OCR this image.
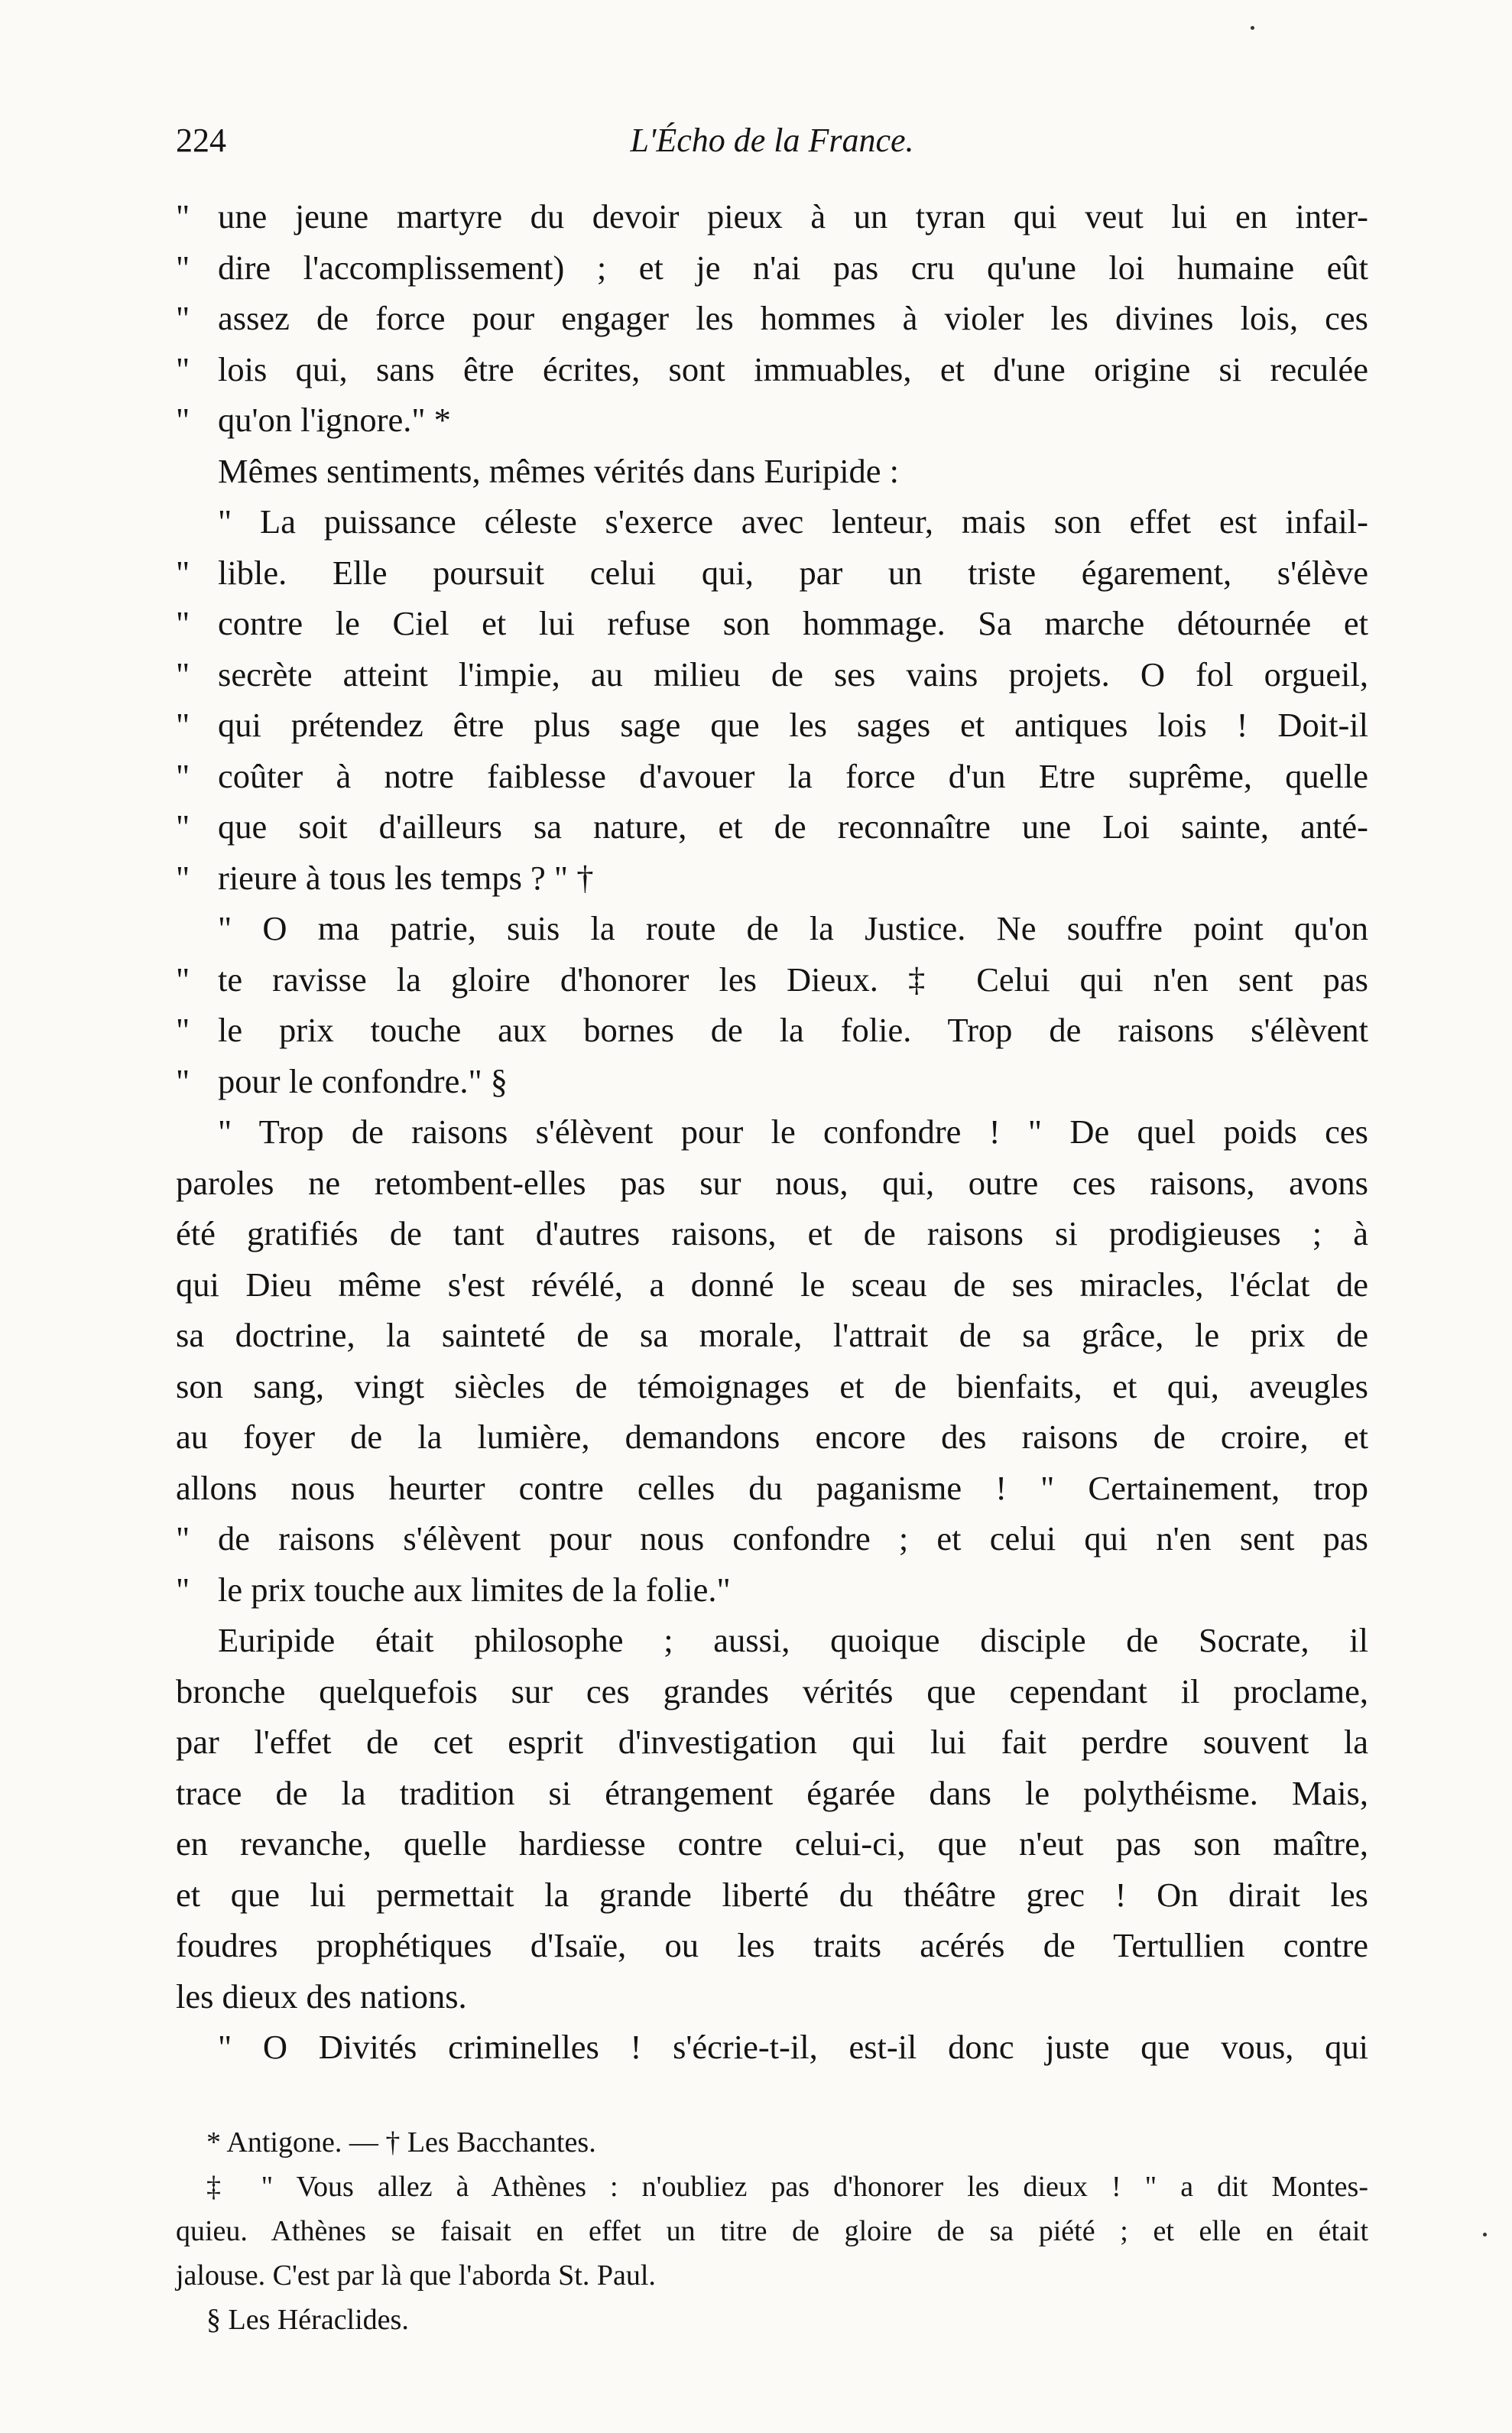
224	L'Écho de la France.
" une jeune martyre du devoir pieux à un tyran qui veut lui en inter-
" dire l'accomplissement) ; et je n'ai pas cru qu'une loi humaine eût
" assez de force pour engager les hommes à violer les divines lois, ces
" lois qui, sans être écrites, sont immuables, et d'une origine si reculée
" qu'on l'ignore." *
Mêmes sentiments, mêmes vérités dans Euripide :
" La puissance céleste s'exerce avec lenteur, mais son effet est infail-
" lible. Elle poursuit celui qui, par un triste égarement, s'élève
" contre le Ciel et lui refuse son hommage. Sa marche détournée et
" secrète atteint l'impie, au milieu de ses vains projets. O fol orgueil,
" qui prétendez être plus sage que les sages et antiques lois ! Doit-il
" coûter à notre faiblesse d'avouer la force d'un Etre suprême, quelle
" que soit d'ailleurs sa nature, et de reconnaître une Loi sainte, anté-
" rieure à tous les temps ? " †
" O ma patrie, suis la route de la Justice. Ne souffre point qu'on
" te ravisse la gloire d'honorer les Dieux. ‡ Celui qui n'en sent pas
" le prix touche aux bornes de la folie. Trop de raisons s'élèvent
" pour le confondre." §
" Trop de raisons s'élèvent pour le confondre ! " De quel poids ces
paroles ne retombent-elles pas sur nous, qui, outre ces raisons, avons
été gratifiés de tant d'autres raisons, et de raisons si prodigieuses ; à
qui Dieu même s'est révélé, a donné le sceau de ses miracles, l'éclat de
sa doctrine, la sainteté de sa morale, l'attrait de sa grâce, le prix de
son sang, vingt siècles de témoignages et de bienfaits, et qui, aveugles
au foyer de la lumière, demandons encore des raisons de croire, et
allons nous heurter contre celles du paganisme ! " Certainement, trop
" de raisons s'élèvent pour nous confondre ; et celui qui n'en sent pas
" le prix touche aux limites de la folie."
Euripide était philosophe ; aussi, quoique disciple de Socrate, il
bronche quelquefois sur ces grandes vérités que cependant il proclame,
par l'effet de cet esprit d'investigation qui lui fait perdre souvent la
trace de la tradition si étrangement égarée dans le polythéisme. Mais,
en revanche, quelle hardiesse contre celui-ci, que n'eut pas son maître,
et que lui permettait la grande liberté du théâtre grec ! On dirait les
foudres prophétiques d'Isaïe, ou les traits acérés de Tertullien contre
les dieux des nations.
" O Divités criminelles ! s'écrie-t-il, est-il donc juste que vous, qui
* Antigone. — † Les Bacchantes.
‡ " Vous allez à Athènes : n'oubliez pas d'honorer les dieux ! " a dit Montes-
quieu. Athènes se faisait en effet un titre de gloire de sa piété ; et elle en était
jalouse. C'est par là que l'aborda St. Paul.
§ Les Héraclides.
